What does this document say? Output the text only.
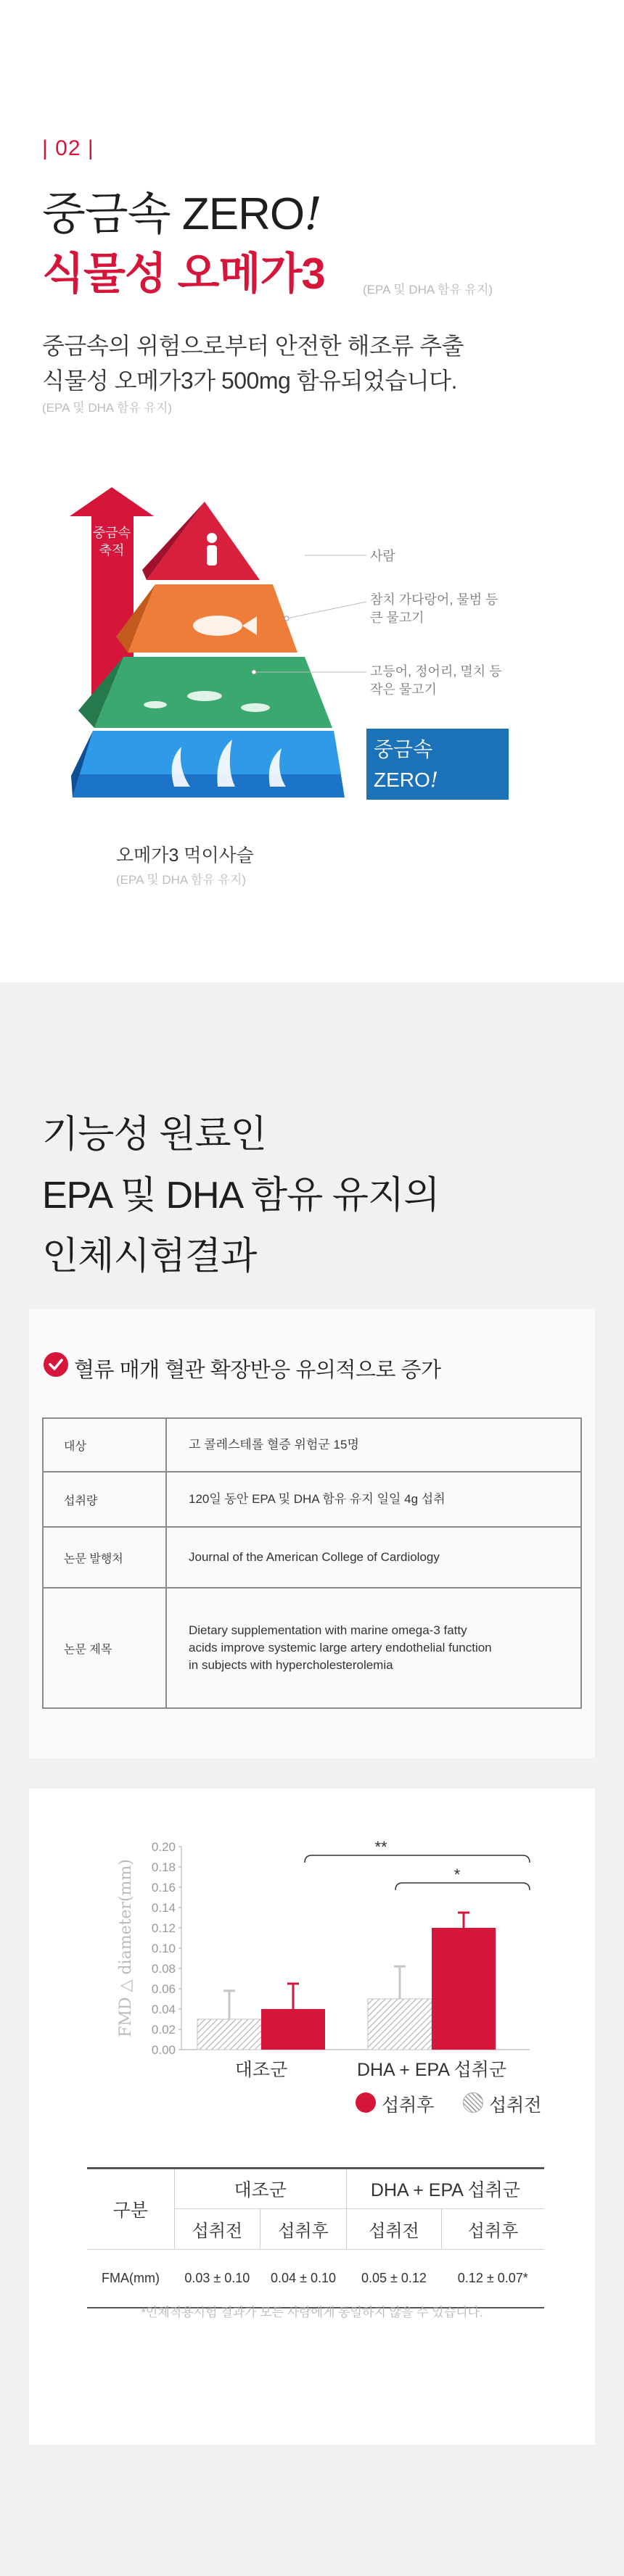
| 02 |
중금속 ZERO!
식물성 오메가3	(EPA 및 DHA 함유 유지)
중금속의 위험으로부터 안전한 해조류 추출
식물성 오메가3가 500mg 함유되었습니다.
(EPA 및 DHA 함유 유지)
중금속
축적	사람
참치 가다랑어, 물범 등
큰 물고기
고등어, 정어리, 멸치 등
작은 물고기
중금속 ZERO!
미세 해조류
오메가3 먹이사슬
(EPA 및 DHA 함유 유지)
기능성 원료인
EPA 및 DHA 함유 유지의
인체시험결과
혈류 매개 혈관 확장반응 유의적으로 증가
대상	고 콜레스테롤 혈증 위험군 15명
섭취량	120일 동안 EPA 및 DHA 함유 유지 일일 4g 섭취
논문 발행처	Journal of the American College of Cardiology
논문 제목	Dietary supplementation with marine omega-3 fatty acids improve systemic large artery endothelial function in subjects with hypercholesterolemia
0.00
0.02
0.04
0.06
0.08
0.10
0.12
0.14
0.16
0.18
0.20
FMD △ diameter(mm)
대조군	DHA + EPA 섭취군
**
*
섭취후	섭취전
구분	대조군		DHA + EPA 섭취군	
	섭취전	섭취후	섭취전	섭취후
FMA(mm)	0.03 ± 0.10	0.04 ± 0.10	0.05 ± 0.12	0.12 ± 0.07*
*인체적용시험 결과가 모든 사람에게 동일하지 않을 수 있습니다.
